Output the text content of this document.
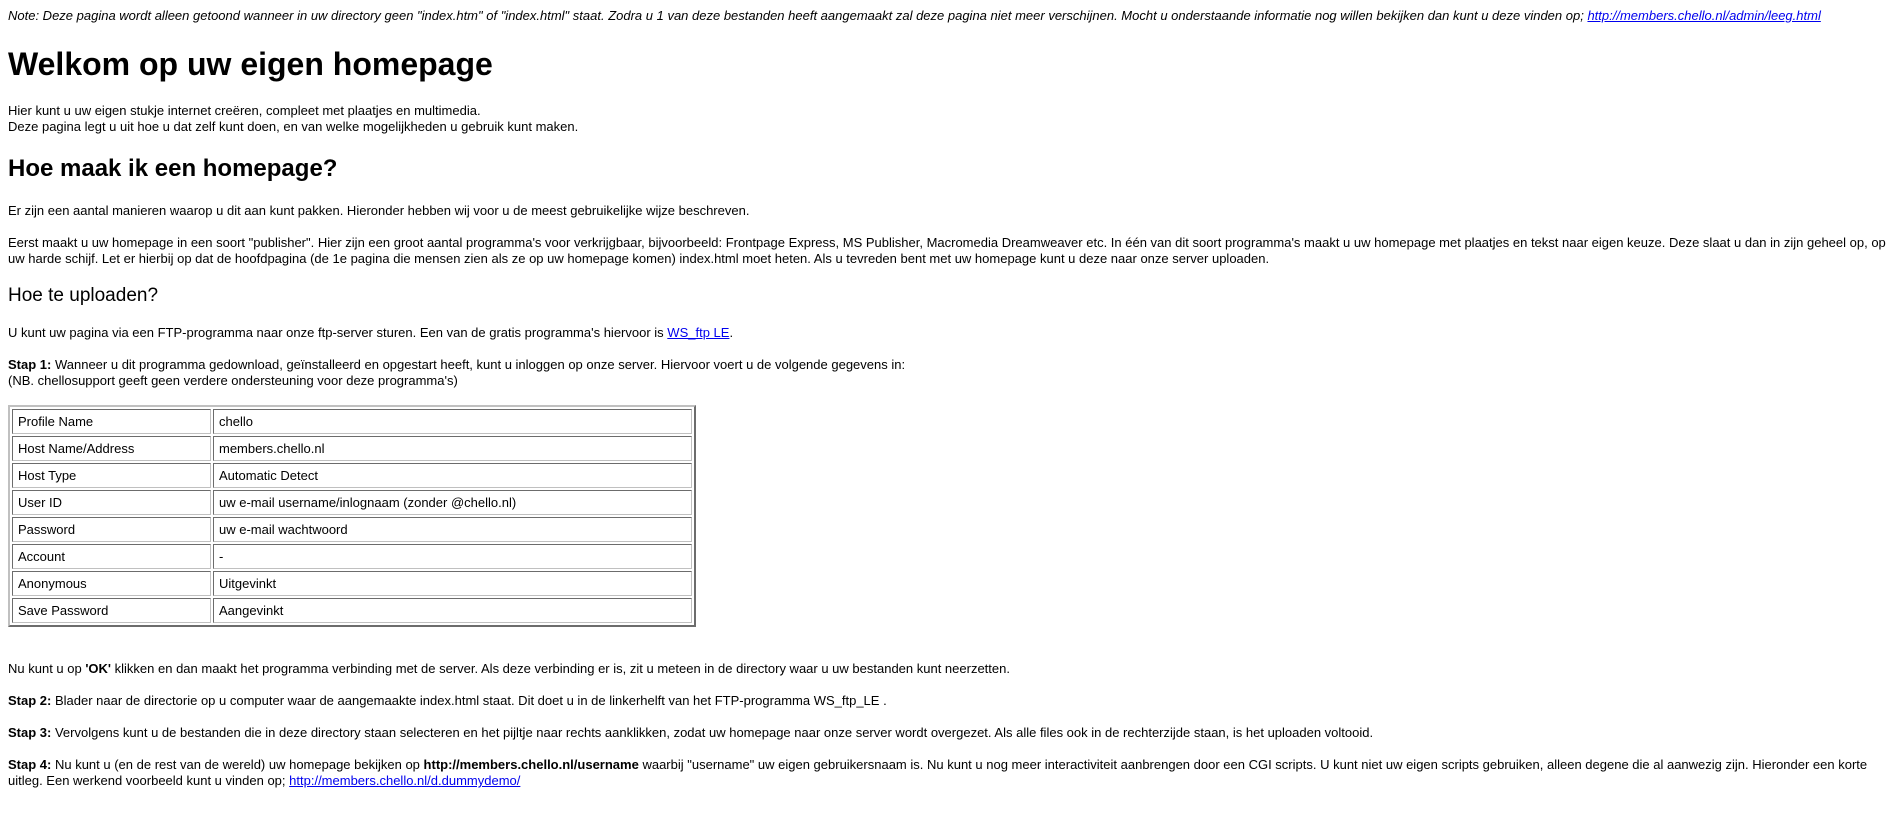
Note: Deze pagina wordt alleen getoond wanneer in uw directory geen "index.htm" of "index.html" staat. Zodra u 1 van deze bestanden heeft aangemaakt zal deze pagina niet meer verschijnen. Mocht u onderstaande informatie nog willen bekijken dan kunt u deze vinden op; http://members.chello.nl/admin/leeg.html

Welkom op uw eigen homepage

Hier kunt u uw eigen stukje internet creëren, compleet met plaatjes en multimedia.

Deze pagina legt u uit hoe u dat zelf kunt doen, en van welke mogelijkheden u gebruik kunt maken.

Hoe maak ik een homepage?

Er zijn een aantal manieren waarop u dit aan kunt pakken. Hieronder hebben wij voor u de meest gebruikelijke wijze beschreven.

Eerst maakt u uw homepage in een soort "publisher". Hier zijn een groot aantal programma's voor verkrijgbaar, bijvoorbeeld: Frontpage Express, MS Publisher, Macromedia Dreamweaver etc. In één van dit soort programma's maakt u uw homepage met plaatjes en tekst naar eigen keuze. Deze slaat u dan in zijn geheel op, op uw harde schijf. Let er hierbij op dat de hoofdpagina (de 1e pagina die mensen zien als ze op uw homepage komen) index.html moet heten. Als u tevreden bent met uw homepage kunt u deze naar onze server uploaden.

Hoe te uploaden?

U kunt uw pagina via een FTP-programma naar onze ftp-server sturen. Een van de gratis programma's hiervoor is WS_ftp LE.

Stap 1: Wanneer u dit programma gedownload, geïnstalleerd en opgestart heeft, kunt u inloggen op onze server. Hiervoor voert u de volgende gegevens in:
(NB. chellosupport geeft geen verdere ondersteuning voor deze programma's)

Profile Name	chello
Host Name/Address	members.chello.nl
Host Type	Automatic Detect
User ID	uw e-mail username/inlognaam (zonder @chello.nl)
Password	uw e-mail wachtwoord
Account	-
Anonymous	Uitgevinkt
Save Password	Aangevinkt

Nu kunt u op 'OK' klikken en dan maakt het programma verbinding met de server. Als deze verbinding er is, zit u meteen in de directory waar u uw bestanden kunt neerzetten.

Stap 2: Blader naar de directorie op u computer waar de aangemaakte index.html staat. Dit doet u in de linkerhelft van het FTP-programma WS_ftp_LE .

Stap 3: Vervolgens kunt u de bestanden die in deze directory staan selecteren en het pijltje naar rechts aanklikken, zodat uw homepage naar onze server wordt overgezet. Als alle files ook in de rechterzijde staan, is het uploaden voltooid.

Stap 4: Nu kunt u (en de rest van de wereld) uw homepage bekijken op http://members.chello.nl/username waarbij "username" uw eigen gebruikersnaam is. Nu kunt u nog meer interactiviteit aanbrengen door een CGI scripts. U kunt niet uw eigen scripts gebruiken, alleen degene die al aanwezig zijn. Hieronder een korte uitleg. Een werkend voorbeeld kunt u vinden op; http://members.chello.nl/d.dummydemo/
